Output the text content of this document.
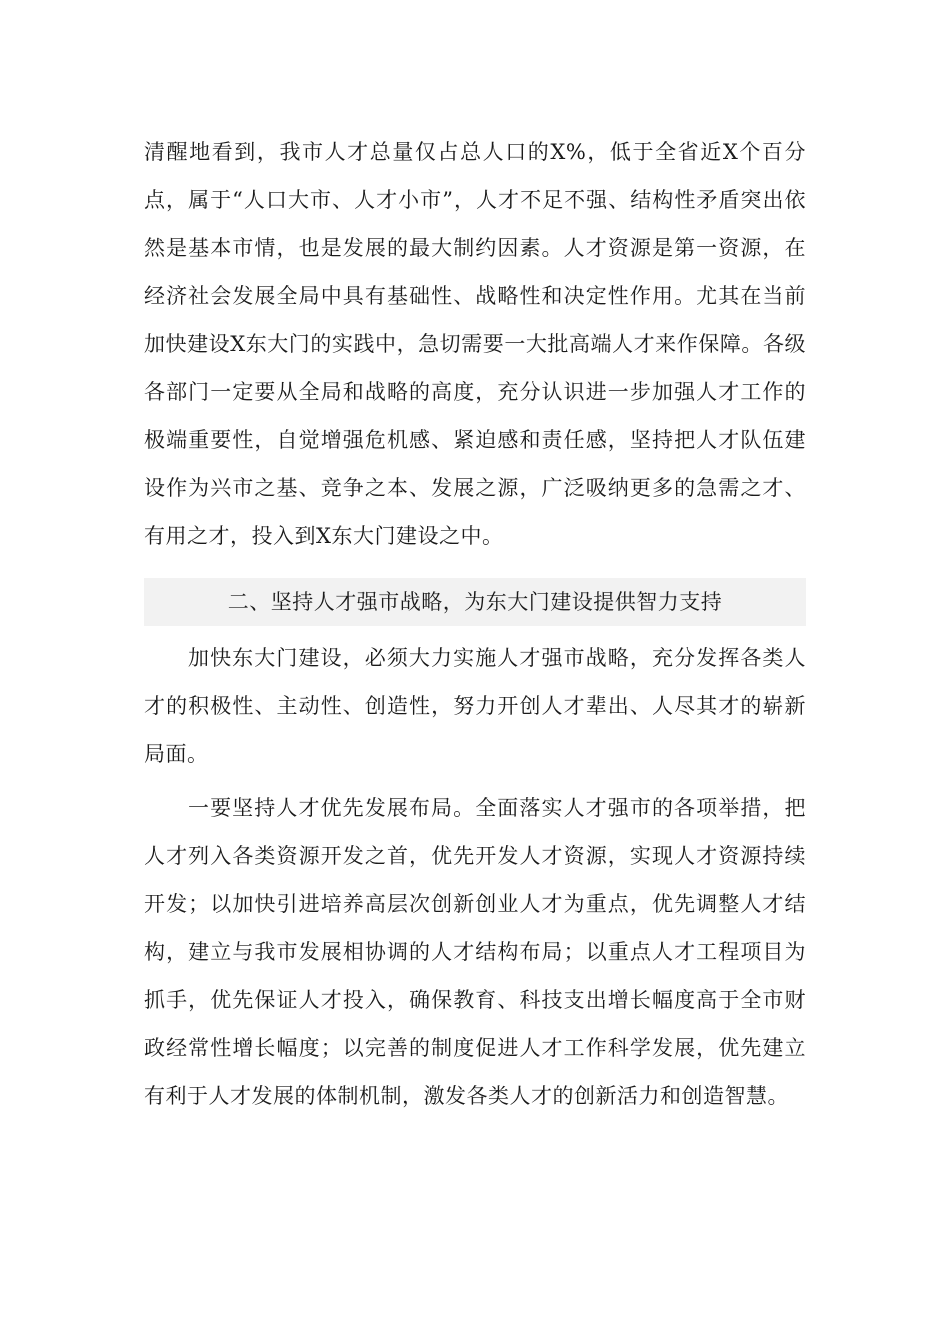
清醒地看到，我市人才总量仅占总人口的X%，低于全省近X个百分点，属于“人口大市、人才小市”，人才不足不强、结构性矛盾突出依然是基本市情，也是发展的最大制约因素。人才资源是第一资源，在经济社会发展全局中具有基础性、战略性和决定性作用。尤其在当前加快建设X东大门的实践中，急切需要一大批高端人才来作保障。各级各部门一定要从全局和战略的高度，充分认识进一步加强人才工作的极端重要性，自觉增强危机感、紧迫感和责任感，坚持把人才队伍建设作为兴市之基、竞争之本、发展之源，广泛吸纳更多的急需之才、有用之才，投入到X东大门建设之中。

二、坚持人才强市战略，为东大门建设提供智力支持

加快东大门建设，必须大力实施人才强市战略，充分发挥各类人才的积极性、主动性、创造性，努力开创人才辈出、人尽其才的崭新局面。

一要坚持人才优先发展布局。全面落实人才强市的各项举措，把人才列入各类资源开发之首，优先开发人才资源，实现人才资源持续开发；以加快引进培养高层次创新创业人才为重点，优先调整人才结构，建立与我市发展相协调的人才结构布局；以重点人才工程项目为抓手，优先保证人才投入，确保教育、科技支出增长幅度高于全市财政经常性增长幅度；以完善的制度促进人才工作科学发展，优先建立有利于人才发展的体制机制，激发各类人才的创新活力和创造智慧。
